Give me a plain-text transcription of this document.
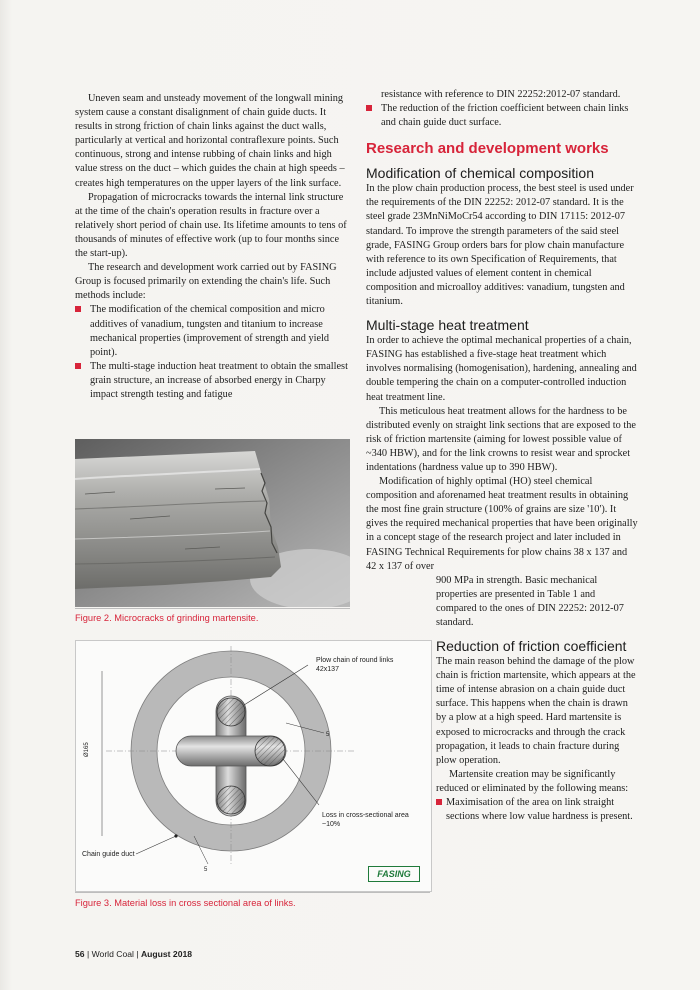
Uneven seam and unsteady movement of the longwall mining system cause a constant disalignment of chain guide ducts. It results in strong friction of chain links against the duct walls, particularly at vertical and horizontal contraflexure points. Such continuous, strong and intense rubbing of chain links and high value stress on the duct – which guides the chain at high speeds – creates high temperatures on the upper layers of the link surface.

Propagation of microcracks towards the internal link structure at the time of the chain's operation results in fracture over a relatively short period of chain use. Its lifetime amounts to tens of thousands of minutes of effective work (up to four months since the start-up).

The research and development work carried out by FASING Group is focused primarily on extending the chain's life. Such methods include:

The modification of the chemical composition and micro additives of vanadium, tungsten and titanium to increase mechanical properties (improvement of strength and yield point).
The multi-stage induction heat treatment to obtain the smallest grain structure, an increase of absorbed energy in Charpy impact strength testing and fatigue
Figure 2. Microcracks of grinding martensite.
Ø165
5
5
Plow chain of round links 42x137
Loss in cross-sectional area ~10%
Chain guide duct
FASING
Figure 3. Material loss in cross sectional area of links.

resistance with reference to DIN 22252:2012-07 standard.

The reduction of the friction coefficient between chain links and chain guide duct surface.
Research and development works
Modification of chemical composition

In the plow chain production process, the best steel is used under the requirements of the DIN 22252: 2012-07 standard. It is the steel grade 23MnNiMoCr54 according to DIN 17115: 2012-07 standard. To improve the strength parameters of the said steel grade, FASING Group orders bars for plow chain manufacture with reference to its own Specification of Requirements, that include adjusted values of element content in chemical composition and microalloy additives: vanadium, tungsten and titanium.

Multi-stage heat treatment

In order to achieve the optimal mechanical properties of a chain, FASING has established a five-stage heat treatment which involves normalising (homogenisation), hardening, annealing and double tempering the chain on a computer-controlled induction heat treatment line.

This meticulous heat treatment allows for the hardness to be distributed evenly on straight link sections that are exposed to the risk of friction martensite (aiming for lowest possible value of ~340 HBW), and for the link crowns to resist wear and sprocket indentations (hardness value up to 390 HBW).

Modification of highly optimal (HO) steel chemical composition and aforenamed heat treatment results in obtaining the most fine grain structure (100% of grains are size '10'). It gives the required mechanical properties that have been originally in a concept stage of the research project and later included in FASING Technical Requirements for plow chains 38 x 137 and 42 x 137 of over

900 MPa in strength. Basic mechanical properties are presented in Table 1 and compared to the ones of DIN 22252: 2012-07 standard.

Reduction of friction coefficient

The main reason behind the damage of the plow chain is friction martensite, which appears at the time of intense abrasion on a chain guide duct surface. This happens when the chain is drawn by a plow at a high speed. Hard martensite is exposed to microcracks and through the crack propagation, it leads to chain fracture during plow operation.

Martensite creation may be significantly reduced or eliminated by the following means:

Maximisation of the area on link straight sections where low value hardness is present.
56 | World Coal | August 2018
